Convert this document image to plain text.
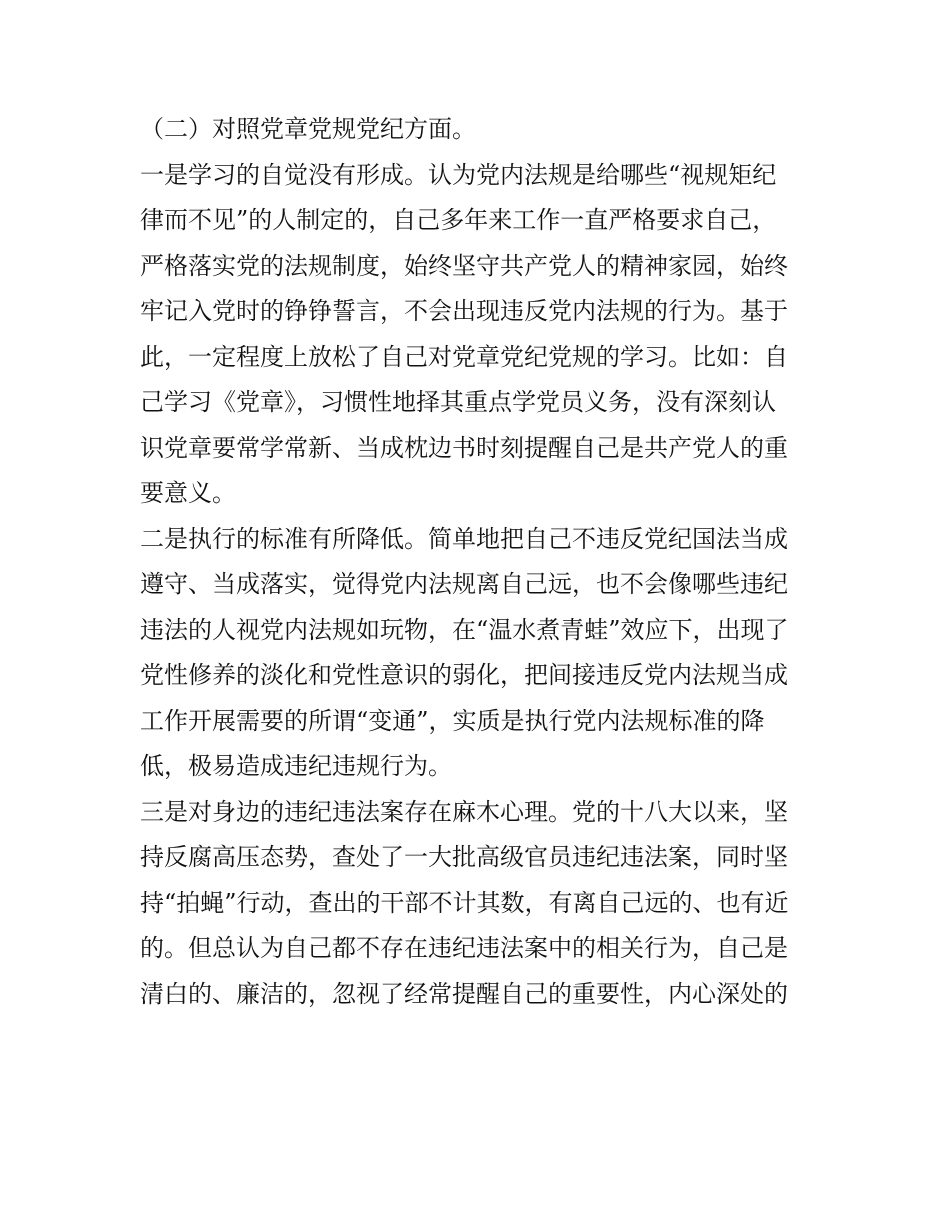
（二）对照党章党规党纪方面。
一是学习的自觉没有形成。认为党内法规是给哪些“视规矩纪
律而不见”的人制定的，自己多年来工作一直严格要求自己，
严格落实党的法规制度，始终坚守共产党人的精神家园，始终
牢记入党时的铮铮誓言，不会出现违反党内法规的行为。基于
此，一定程度上放松了自己对党章党纪党规的学习。比如：自
己学习《党章》，习惯性地择其重点学党员义务，没有深刻认
识党章要常学常新、当成枕边书时刻提醒自己是共产党人的重
要意义。
二是执行的标准有所降低。简单地把自己不违反党纪国法当成
遵守、当成落实，觉得党内法规离自己远，也不会像哪些违纪
违法的人视党内法规如玩物，在“温水煮青蛙”效应下，出现了
党性修养的淡化和党性意识的弱化，把间接违反党内法规当成
工作开展需要的所谓“变通”，实质是执行党内法规标准的降
低，极易造成违纪违规行为。
三是对身边的违纪违法案存在麻木心理。党的十八大以来，坚
持反腐高压态势，查处了一大批高级官员违纪违法案，同时坚
持“拍蝇”行动，查出的干部不计其数，有离自己远的、也有近
的。但总认为自己都不存在违纪违法案中的相关行为，自己是
清白的、廉洁的，忽视了经常提醒自己的重要性，内心深处的
